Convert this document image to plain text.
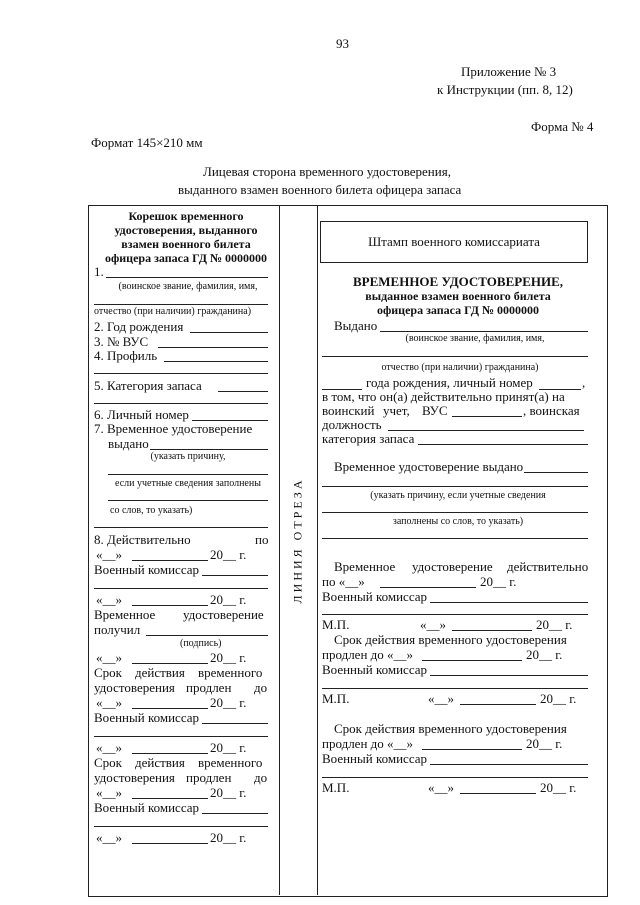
93
Приложение № 3
к Инструкции (пп. 8, 12)
Форма № 4
Формат 145×210 мм
Лицевая сторона временного удостоверения,
выданного взамен военного билета офицера запаса
ЛИНИЯ ОТРЕЗА
Корешок временного
удостоверения, выданного
взамен военного билета
офицера запаса ГД № 0000000
1.
(воинское звание, фамилия, имя,
отчество (при наличии) гражданина)
2. Год рождения
3. № ВУС
4. Профиль
5. Категория запаса
6. Личный номер
7. Временное удостоверение
выдано
(указать причину,
если учетные сведения заполнены
со слов, то указать)
8. Действительно	по
«__»	20__ г.
Военный комиссар
«__»	20__ г.
Временное удостоверение
получил
(подпись)
«__»	20__ г.
Срок действия временного
удостоверения продлен до
«__»	20__ г.
Военный комиссар
«__»	20__ г.
Срок действия временного
удостоверения продлен до
«__»	20__ г.
Военный комиссар
«__»	20__ г.
Штамп военного комиссариата
ВРЕМЕННОЕ УДОСТОВЕРЕНИЕ,
выданное взамен военного билета
офицера запаса ГД № 0000000
Выдано
(воинское звание, фамилия, имя,
отчество (при наличии) гражданина)
года рождения, личный номер	,
в том, что он(а) действительно принят(а) на
воинский учет, ВУС	, воинская
должность
категория запаса
Временное удостоверение выдано
(указать причину, если учетные сведения
заполнены со слов, то указать)
Временное удостоверение действительно
по «__»	20__ г.
Военный комиссар
М.П.	«__»	20__ г.
Срок действия временного удостоверения
продлен до «__»	20__ г.
Военный комиссар
М.П.	«__»	20__ г.
Срок действия временного удостоверения
продлен до «__»	20__ г.
Военный комиссар
М.П.	«__»	20__ г.
